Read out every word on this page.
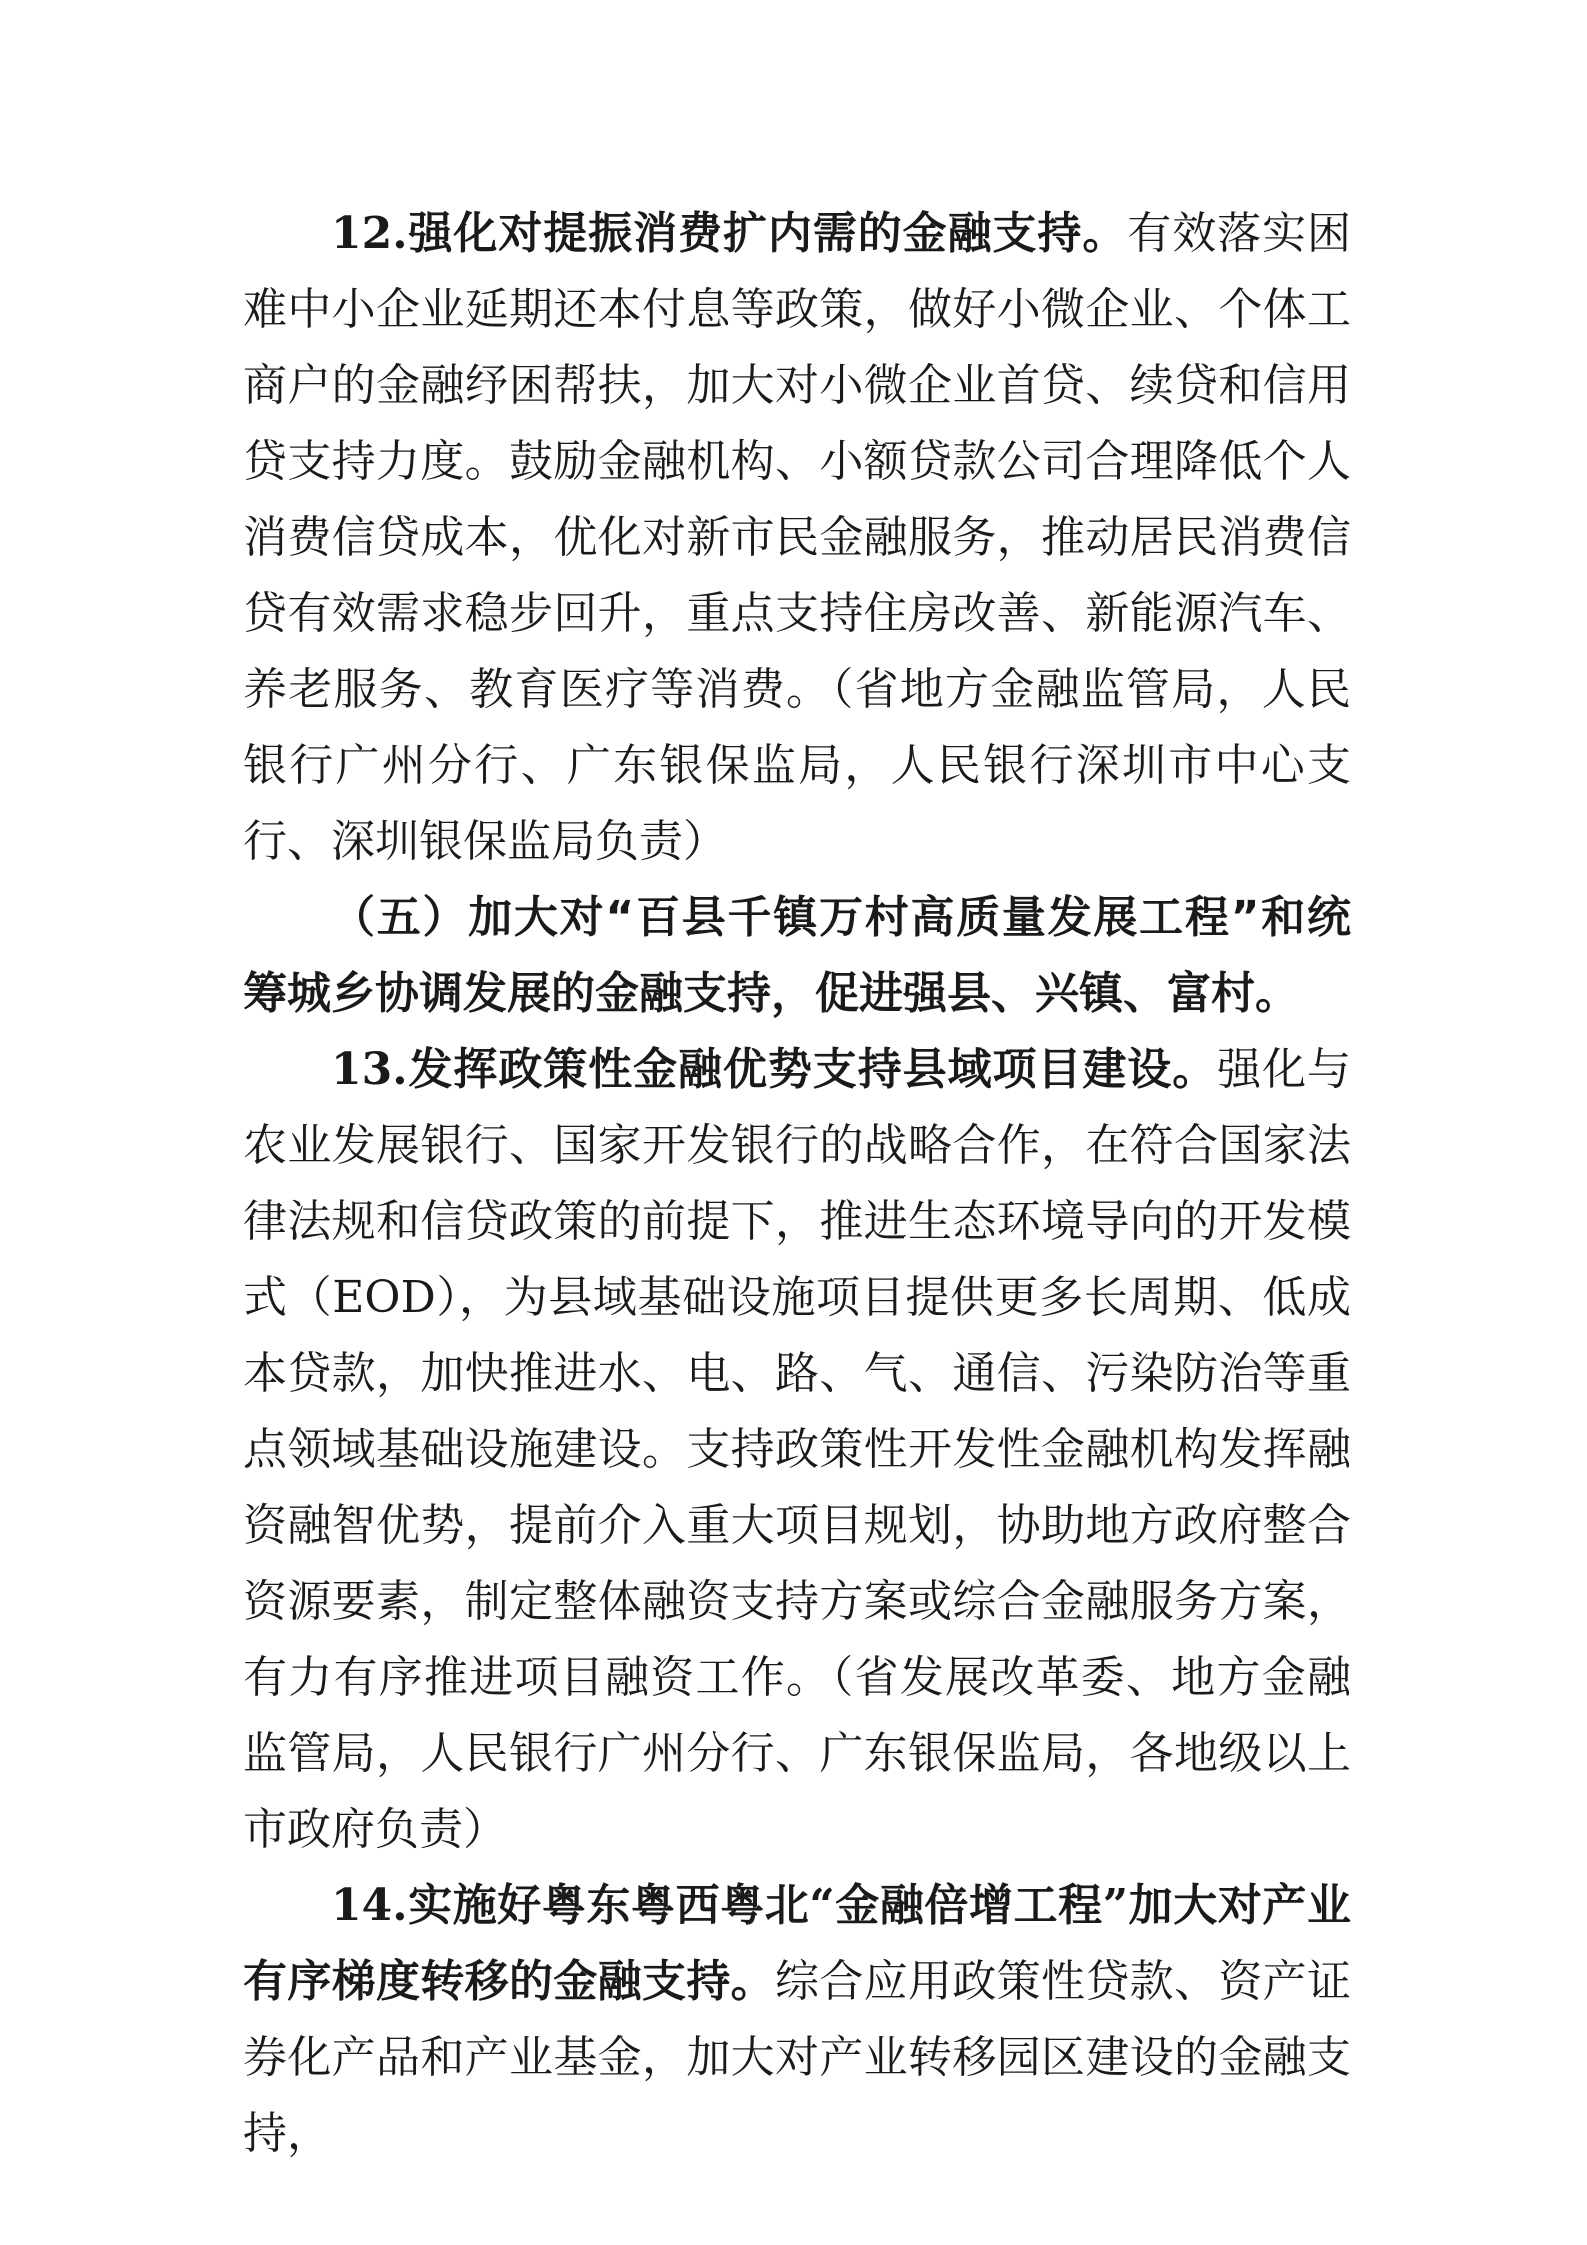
12.强化对提振消费扩内需的金融支持。有效落实困难中小企业延期还本付息等政策，做好小微企业、个体工商户的金融纾困帮扶，加大对小微企业首贷、续贷和信用贷支持力度。鼓励金融机构、小额贷款公司合理降低个人消费信贷成本，优化对新市民金融服务，推动居民消费信贷有效需求稳步回升，重点支持住房改善、新能源汽车、养老服务、教育医疗等消费。（省地方金融监管局，人民银行广州分行、广东银保监局，人民银行深圳市中心支行、深圳银保监局负责）

（五）加大对“百县千镇万村高质量发展工程”和统筹城乡协调发展的金融支持，促进强县、兴镇、富村。

13.发挥政策性金融优势支持县域项目建设。强化与农业发展银行、国家开发银行的战略合作，在符合国家法律法规和信贷政策的前提下，推进生态环境导向的开发模式（EOD），为县域基础设施项目提供更多长周期、低成本贷款，加快推进水、电、路、气、通信、污染防治等重点领域基础设施建设。支持政策性开发性金融机构发挥融资融智优势，提前介入重大项目规划，协助地方政府整合资源要素，制定整体融资支持方案或综合金融服务方案，有力有序推进项目融资工作。（省发展改革委、地方金融监管局，人民银行广州分行、广东银保监局，各地级以上市政府负责）

14.实施好粤东粤西粤北“金融倍增工程”加大对产业有序梯度转移的金融支持。综合应用政策性贷款、资产证券化产品和产业基金，加大对产业转移园区建设的金融支持，
